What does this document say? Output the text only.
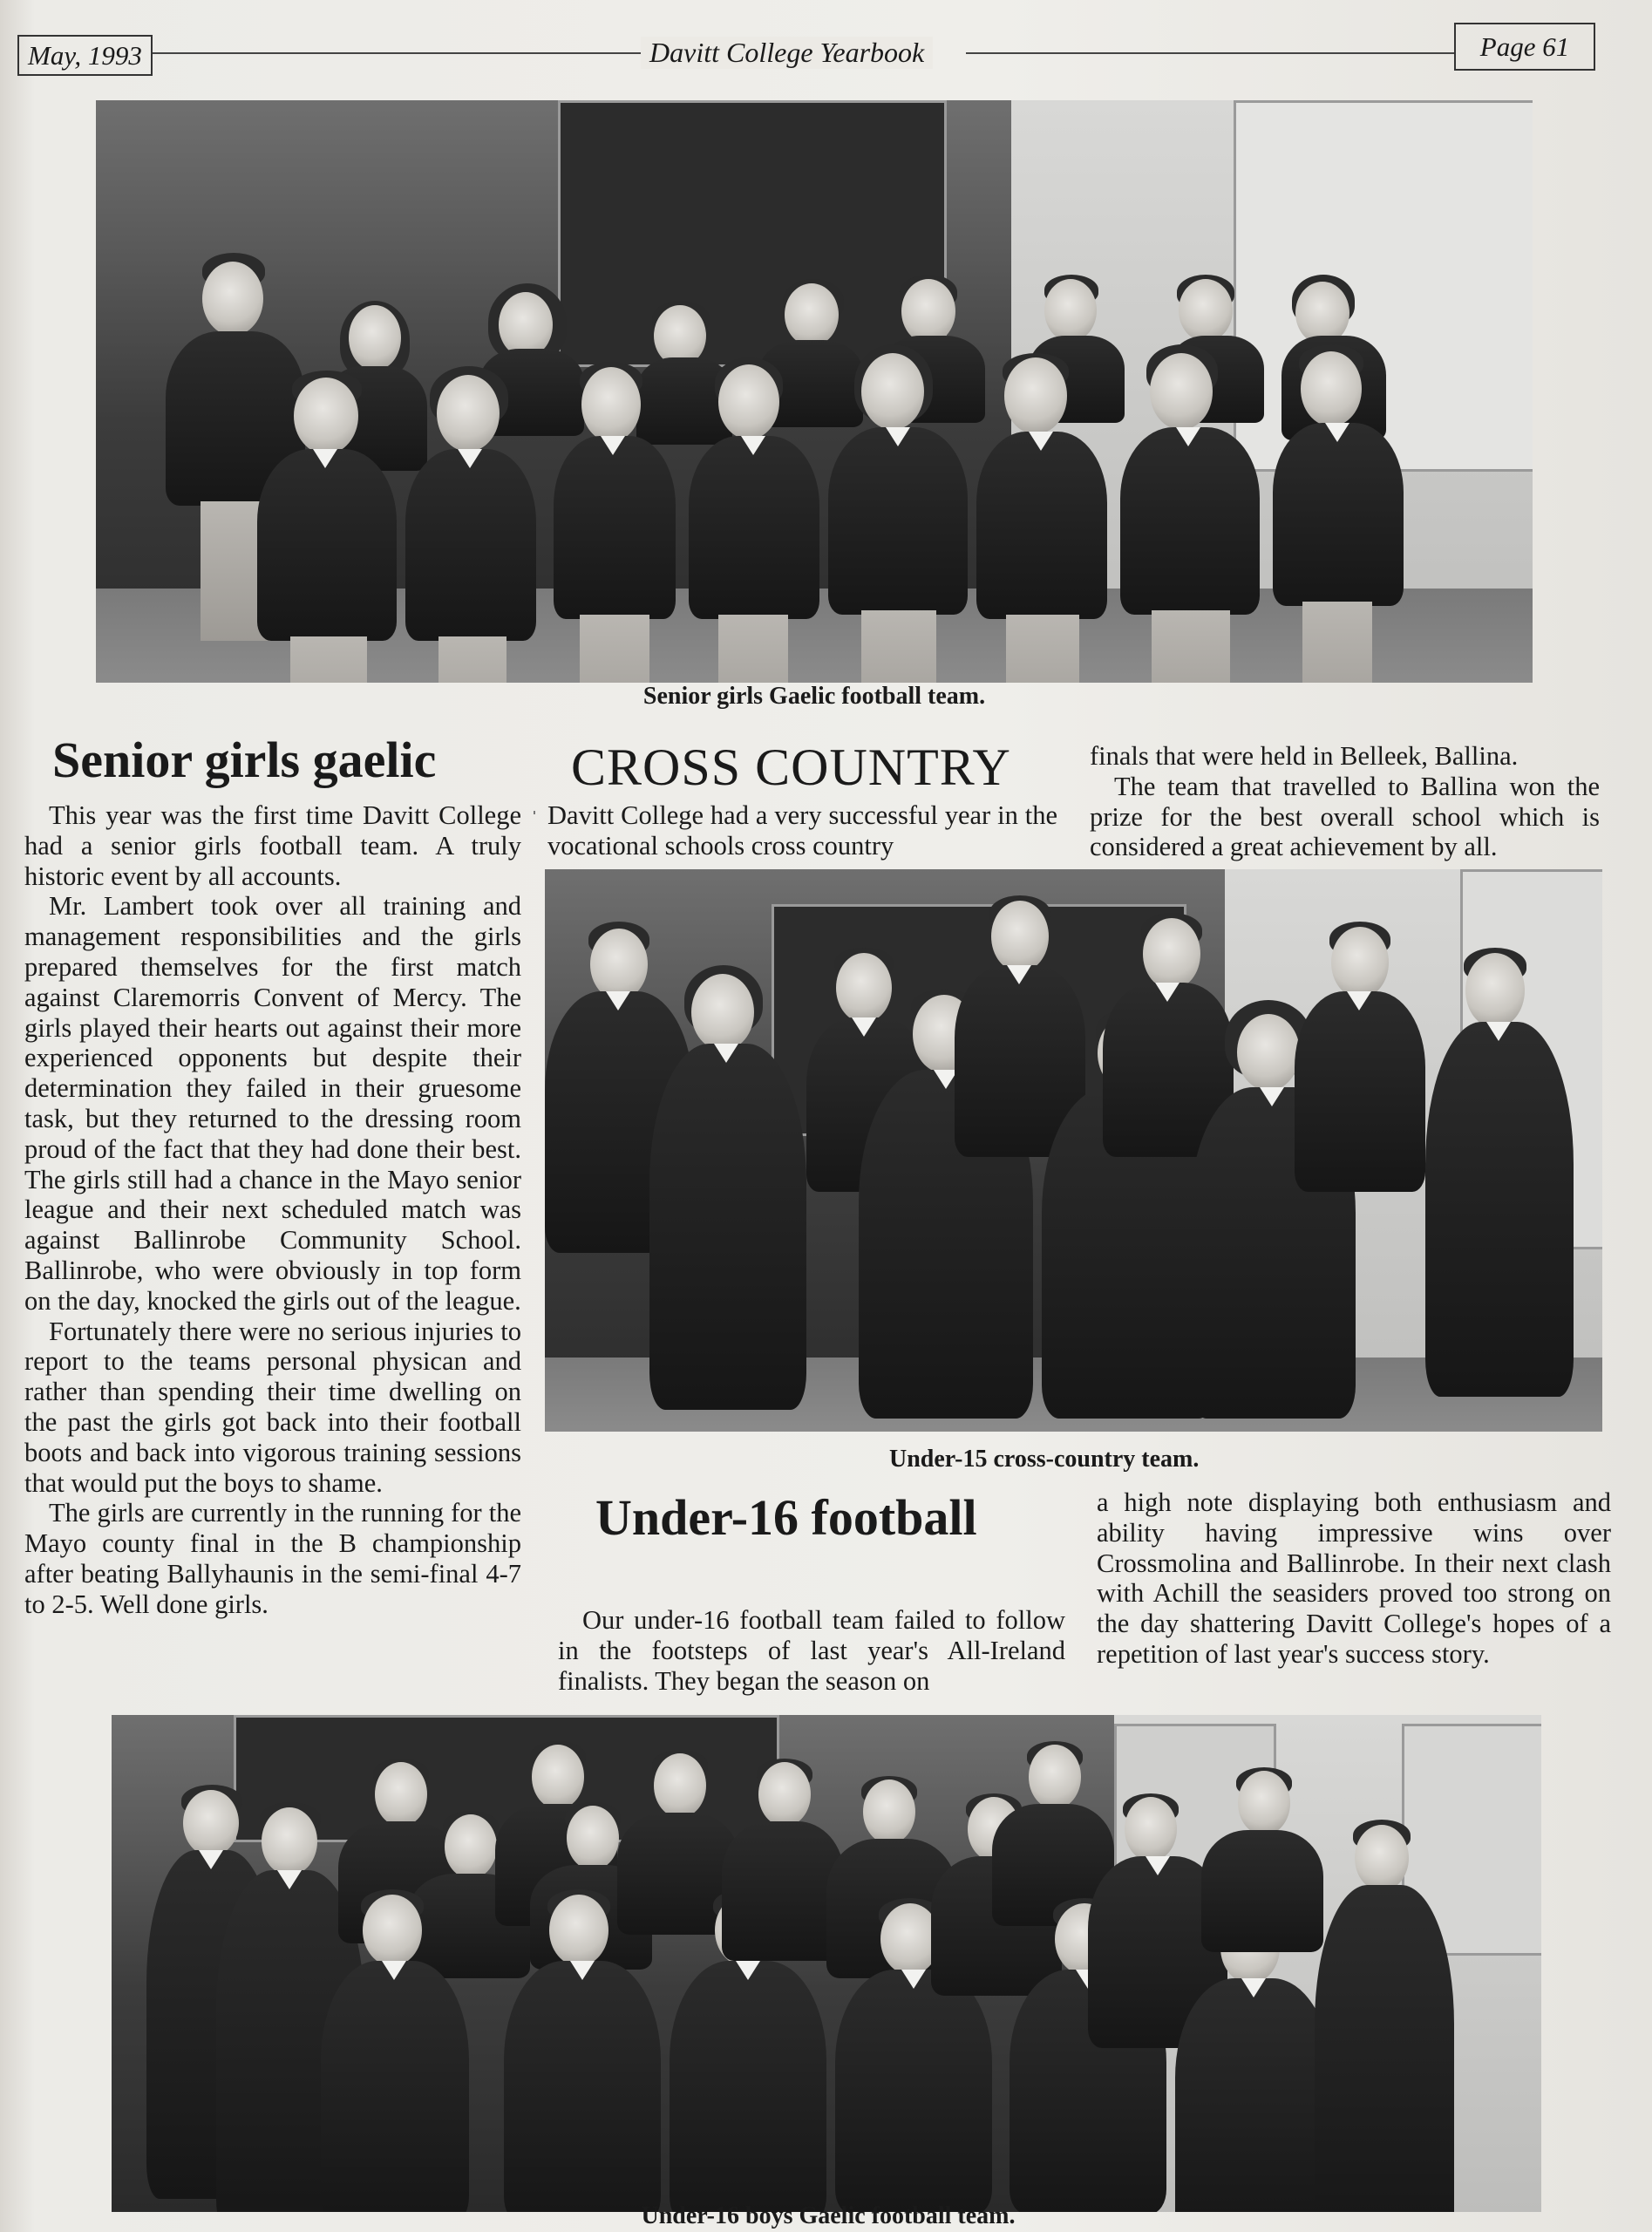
May, 1993	Davitt College Yearbook	Page 61
Senior girls Gaelic football team.
Senior girls gaelic

This year was the first time Davitt College had a senior girls football team. A truly historic event by all accounts.

Mr. Lambert took over all training and management responsibilities and the girls prepared themselves for the first match against Claremorris Convent of Mercy. The girls played their hearts out against their more experienced opponents but despite their determination they failed in their gruesome task, but they returned to the dressing room proud of the fact that they had done their best. The girls still had a chance in the Mayo senior league and their next scheduled match was against Ballinrobe Community School. Ballinrobe, who were obviously in top form on the day, knocked the girls out of the league.

Fortunately there were no serious injuries to report to the teams personal physican and rather than spending their time dwelling on the past the girls got back into their football boots and back into vigorous training sessions that would put the boys to shame.

The girls are currently in the running for the Mayo county final in the B championship after beating Ballyhaunis in the semi-final 4-7 to 2-5. Well done girls.

CROSS COUNTRY
Davitt College had a very successful year in the vocational schools cross country

finals that were held in Belleek, Ballina.

The team that travelled to Ballina won the prize for the best overall school which is considered a great achievement by all.

Under-15 cross-country team.
Under-16 football
Our under-16 football team failed to follow in the footsteps of last year's All-Ireland finalists. They began the season on
a high note displaying both enthusiasm and ability having impressive wins over Crossmolina and Ballinrobe. In their next clash with Achill the seasiders proved too strong on the day shattering Davitt College's hopes of a repetition of last year's success story.
Under-16 boys Gaelic football team.
